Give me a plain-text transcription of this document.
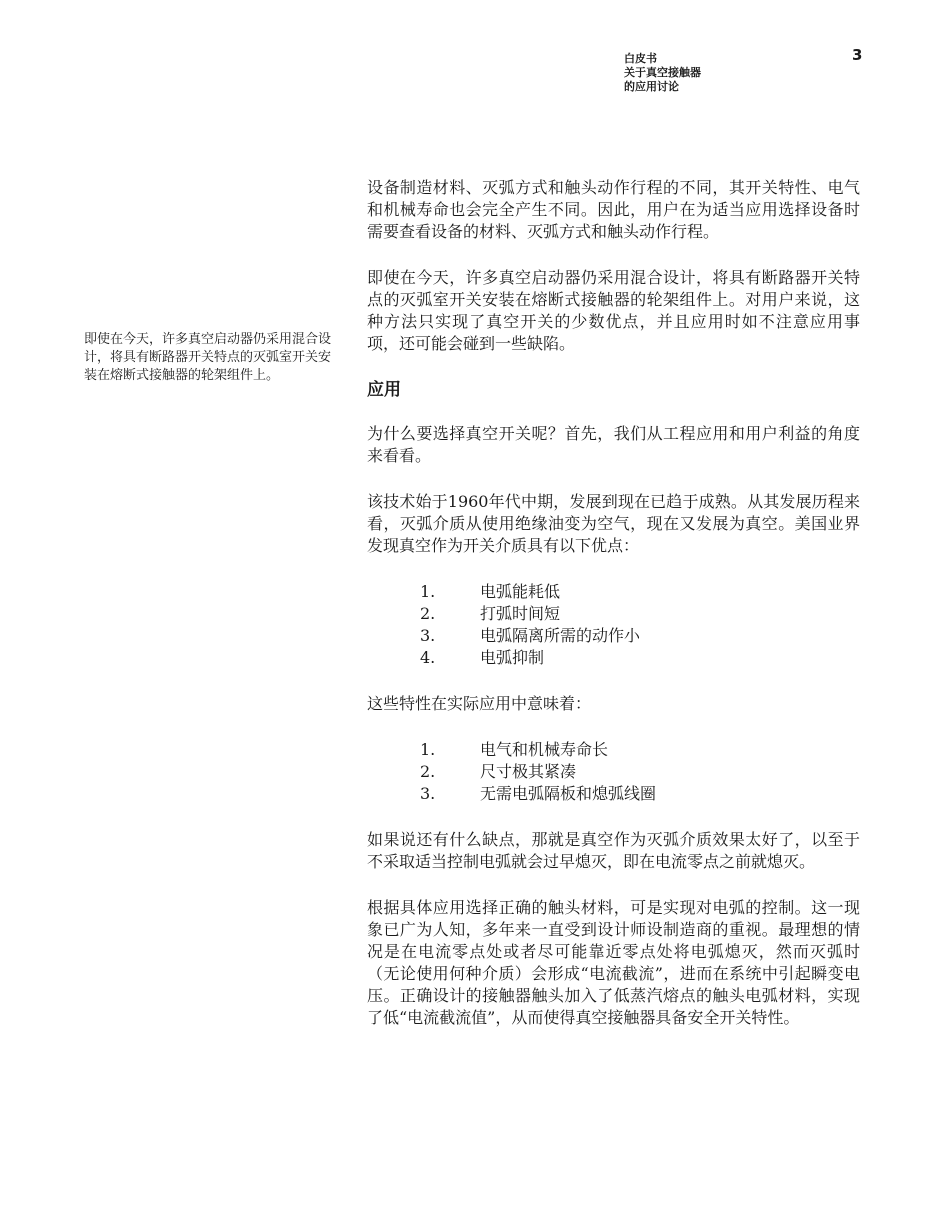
白皮书
关于真空接触器
的应用讨论
3
即使在今天，许多真空启动器仍采用混合设计，将具有断路器开关特点的灭弧室开关安装在熔断式接触器的轮架组件上。

设备制造材料、灭弧方式和触头动作行程的不同，其开关特性、电气和机械寿命也会完全产生不同。因此，用户在为适当应用选择设备时需要查看设备的材料、灭弧方式和触头动作行程。

即使在今天，许多真空启动器仍采用混合设计，将具有断路器开关特点的灭弧室开关安装在熔断式接触器的轮架组件上。对用户来说，这种方法只实现了真空开关的少数优点，并且应用时如不注意应用事项，还可能会碰到一些缺陷。

应用

为什么要选择真空开关呢？首先，我们从工程应用和用户利益的角度来看看。

该技术始于1960年代中期，发展到现在已趋于成熟。从其发展历程来看，灭弧介质从使用绝缘油变为空气，现在又发展为真空。美国业界发现真空作为开关介质具有以下优点：

1.	电弧能耗低
2.	打弧时间短
3.	电弧隔离所需的动作小
4.	电弧抑制

这些特性在实际应用中意味着：

1.	电气和机械寿命长
2.	尺寸极其紧凑
3.	无需电弧隔板和熄弧线圈

如果说还有什么缺点，那就是真空作为灭弧介质效果太好了，以至于不采取适当控制电弧就会过早熄灭，即在电流零点之前就熄灭。

根据具体应用选择正确的触头材料，可是实现对电弧的控制。这一现象已广为人知，多年来一直受到设计师设制造商的重视。最理想的情况是在电流零点处或者尽可能靠近零点处将电弧熄灭，然而灭弧时（无论使用何种介质）会形成“电流截流”，进而在系统中引起瞬变电压。正确设计的接触器触头加入了低蒸汽熔点的触头电弧材料，实现了低“电流截流值”，从而使得真空接触器具备安全开关特性。
